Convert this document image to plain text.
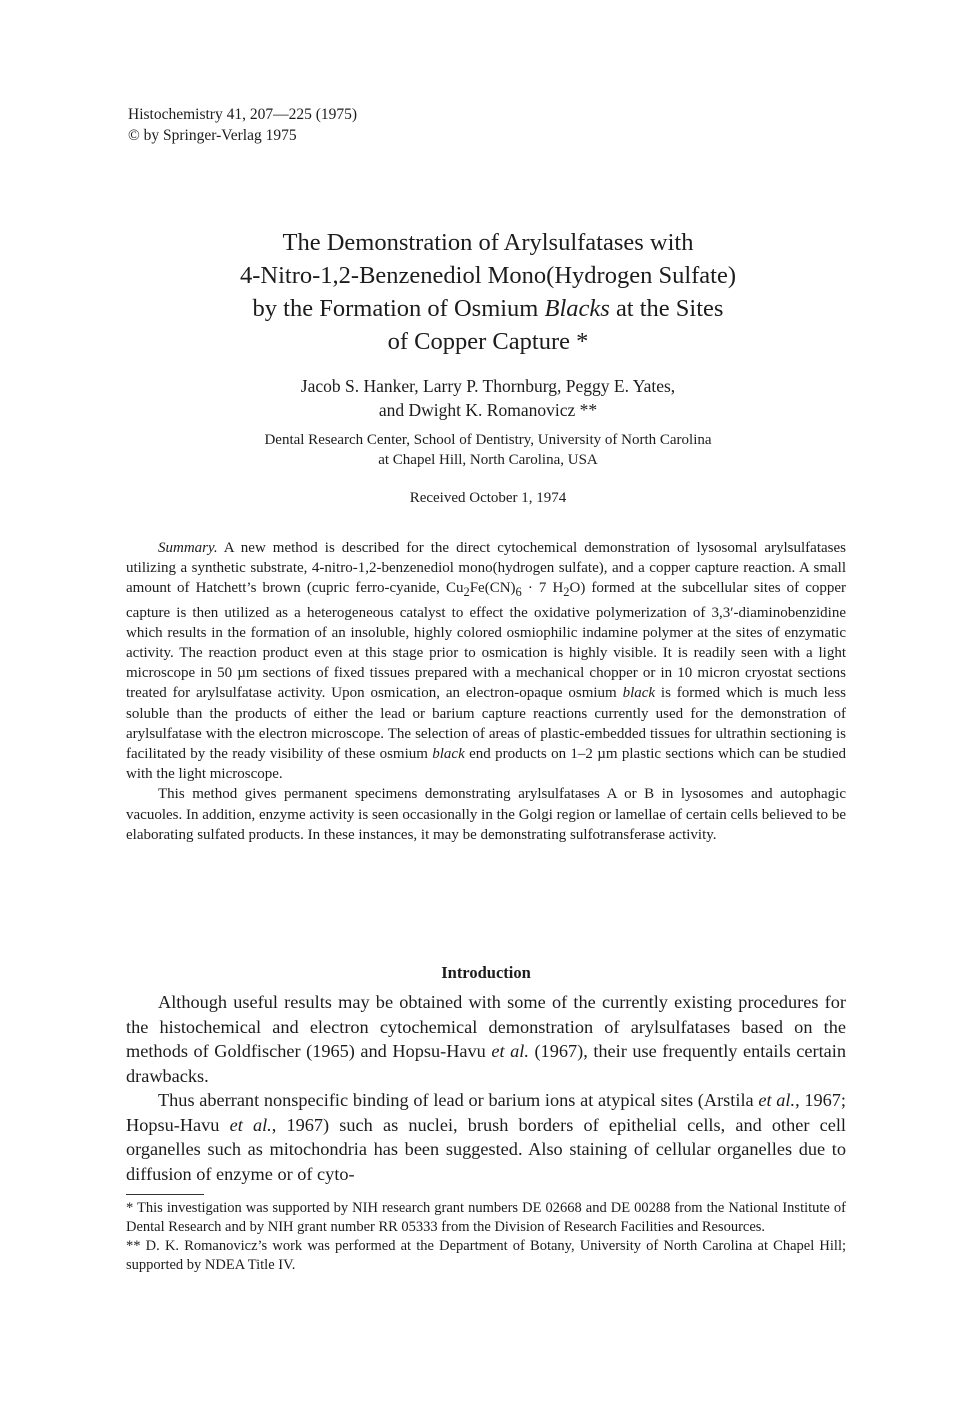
Histochemistry 41, 207—225 (1975)
© by Springer-Verlag 1975
The Demonstration of Arylsulfatases with
4-Nitro-1,2-Benzenediol Mono(Hydrogen Sulfate)
by the Formation of Osmium Blacks at the Sites
of Copper Capture *
Jacob S. Hanker, Larry P. Thornburg, Peggy E. Yates,
and Dwight K. Romanovicz **
Dental Research Center, School of Dentistry, University of North Carolina
at Chapel Hill, North Carolina, USA
Received October 1, 1974

Summary. A new method is described for the direct cytochemical demonstration of lysosomal arylsulfatases utilizing a synthetic substrate, 4-nitro-1,2-benzenediol mono(hydrogen sulfate), and a copper capture reaction. A small amount of Hatchett’s brown (cupric ferro-cyanide, $Cu_2Fe(CN)_6 \cdot 7$ $H_2O$) formed at the subcellular sites of copper capture is then utilized as a heterogeneous catalyst to effect the oxidative polymerization of 3,3′-diaminobenzidine which results in the formation of an insoluble, highly colored osmiophilic indamine polymer at the sites of enzymatic activity. The reaction product even at this stage prior to osmication is highly visible. It is readily seen with a light microscope in 50 µm sections of fixed tissues prepared with a mechanical chopper or in 10 micron cryostat sections treated for arylsulfatase activity. Upon osmication, an electron-opaque osmium black is formed which is much less soluble than the products of either the lead or barium capture reactions currently used for the demonstration of arylsulfatase with the electron microscope. The selection of areas of plastic-embedded tissues for ultrathin sectioning is facilitated by the ready visibility of these osmium black end products on 1–2 µm plastic sections which can be studied with the light microscope.

This method gives permanent specimens demonstrating arylsulfatases A or B in lysosomes and autophagic vacuoles. In addition, enzyme activity is seen occasionally in the Golgi region or lamellae of certain cells believed to be elaborating sulfated products. In these instances, it may be demonstrating sulfotransferase activity.

Introduction

Although useful results may be obtained with some of the currently existing procedures for the histochemical and electron cytochemical demonstration of arylsulfatases based on the methods of Goldfischer (1965) and Hopsu-Havu et al. (1967), their use frequently entails certain drawbacks.

Thus aberrant nonspecific binding of lead or barium ions at atypical sites (Arstila et al., 1967; Hopsu-Havu et al., 1967) such as nuclei, brush borders of epithelial cells, and other cell organelles such as mitochondria has been suggested. Also staining of cellular organelles due to diffusion of enzyme or of cyto-

* This investigation was supported by NIH research grant numbers DE 02668 and DE 00288 from the National Institute of Dental Research and by NIH grant number RR 05333 from the Division of Research Facilities and Resources.

** D. K. Romanovicz’s work was performed at the Department of Botany, University of North Carolina at Chapel Hill; supported by NDEA Title IV.
